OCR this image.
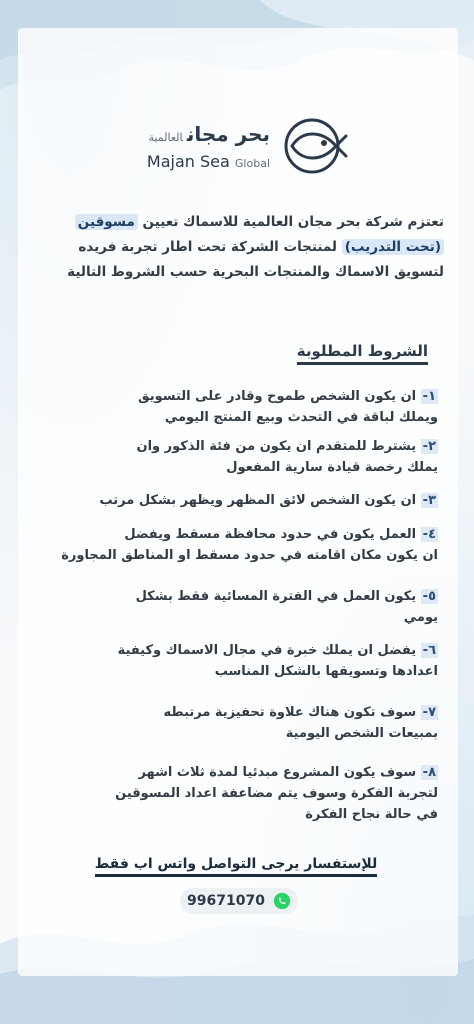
بحر مجانالعالمية
Majan Sea Global
تعتزم شركة بحر مجان العالمية للاسماك تعيين مسوقين
(تحت التدريب) لمنتجات الشركة تحت اطار تجربة فريده
لتسويق الاسماك والمنتجات البحرية حسب الشروط التالية
الشروط المطلوبة
١- ان يكون الشخص طموح وقادر على التسويق
ويملك لباقة في التحدث وبيع المنتج اليومي
٢- يشترط للمتقدم ان يكون من فئة الذكور وان
يملك رخصة قيادة سارية المفعول
٣- ان يكون الشخص لائق المظهر ويظهر بشكل مرتب
٤- العمل يكون في حدود محافظة مسقط ويفضل
ان يكون مكان اقامته في حدود مسقط او المناطق المجاورة
٥- يكون العمل في الفترة المسائية فقط بشكل
يومي
٦- يفضل ان يملك خبرة في مجال الاسماك وكيفية
اعدادها وتسويقها بالشكل المناسب
٧- سوف تكون هناك علاوة تحفيزية مرتبطه
بمبيعات الشخص اليومية
٨- سوف يكون المشروع مبدئيا لمدة ثلاث اشهر
لتجربة الفكرة وسوف يتم مضاعفة اعداد المسوقين
في حالة نجاح الفكرة
للإستفسار يرجى التواصل واتس اب فقط
99671070
